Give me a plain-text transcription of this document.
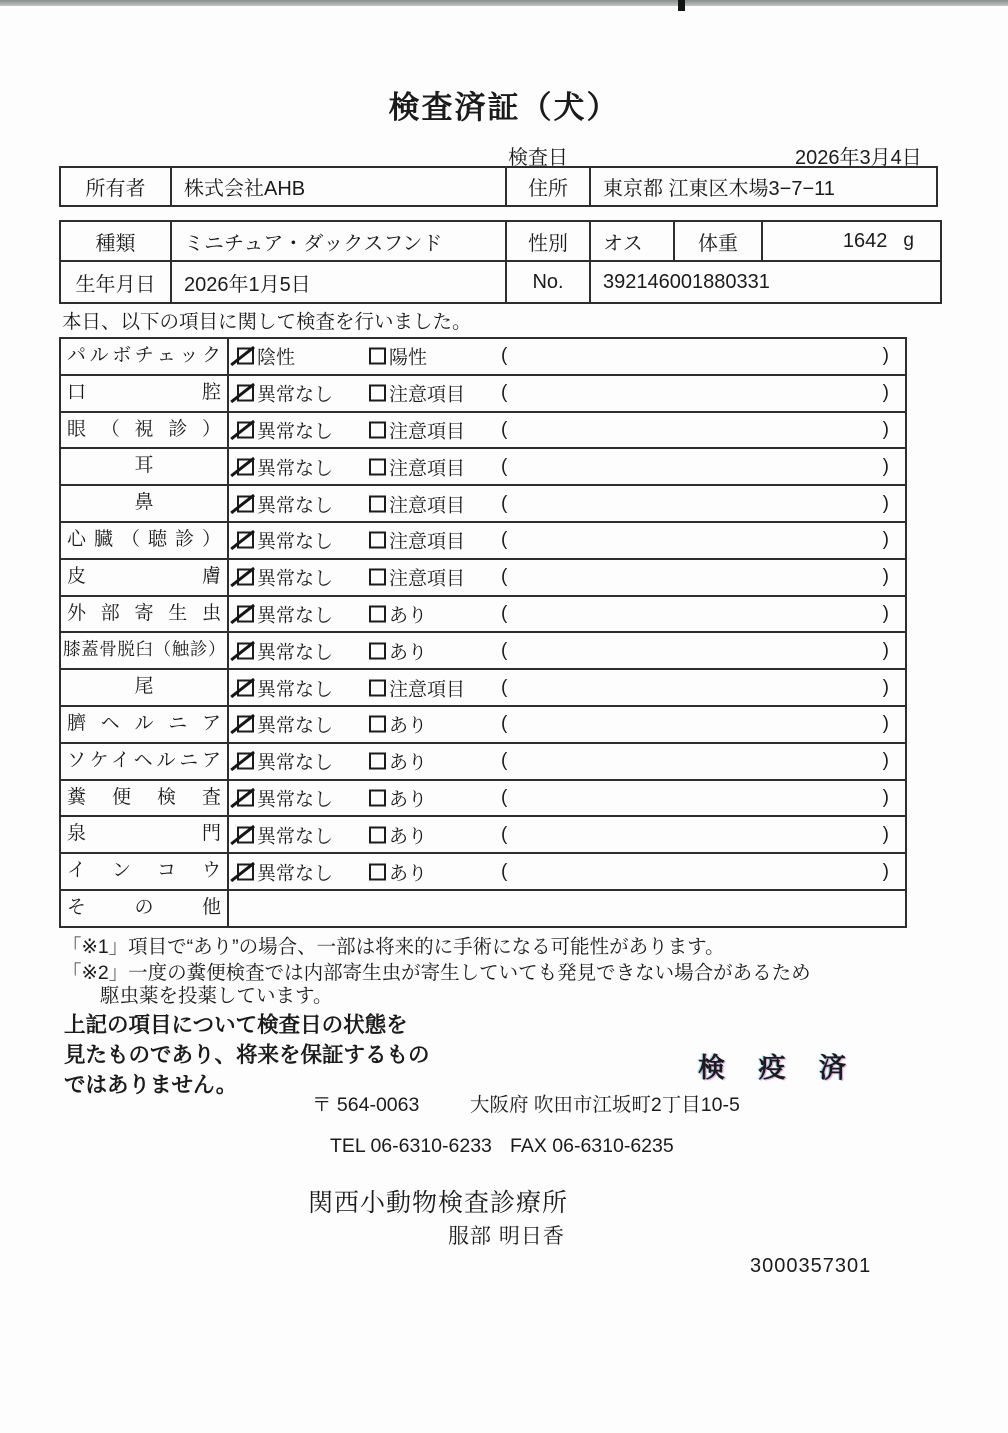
検査済証（犬）
検査日	2026年3月4日
所有者	株式会社AHB	住所	東京都 江東区木場3−7−11
種類	ミニチュア・ダックスフンド	性別	オス	体重	1642 g
生年月日	2026年1月5日	No.	392146001880331
本日、以下の項目に関して検査を行いました。
パルボチェック	陰性	陽性	(	)
口腔	異常なし	注意項目 (	)
眼（視診）	異常なし	注意項目 (	)
耳	異常なし	注意項目 (	)
鼻	異常なし	注意項目 (	)
心臓（聴診）	異常なし	注意項目 (	)
皮膚	異常なし	注意項目 (	)
外部寄生虫	異常なし	あり	(	)
膝蓋骨脱臼（触診） 異常なし	あり	(	)
尾	異常なし	注意項目 (	)
臍ヘルニア	異常なし	あり	(	)
ソケイヘルニア	異常なし	あり	(	)
糞便検査	異常なし	あり	(	)
泉門	異常なし	あり	(	)
インコウ	異常なし	あり	(	)
その他
「※1」項目で“あり”の場合、一部は将来的に手術になる可能性があります。
「※2」一度の糞便検査では内部寄生虫が寄生していても発見できない場合があるため
駆虫薬を投薬しています。
上記の項目について検査日の状態を
見たものであり、将来を保証するもの
ではありません。
検 疫 済
〒 564-0063	大阪府 吹田市江坂町2丁目10-5
TEL 06-6310-6233 FAX 06-6310-6235
関西小動物検査診療所
服部 明日香
3000357301
